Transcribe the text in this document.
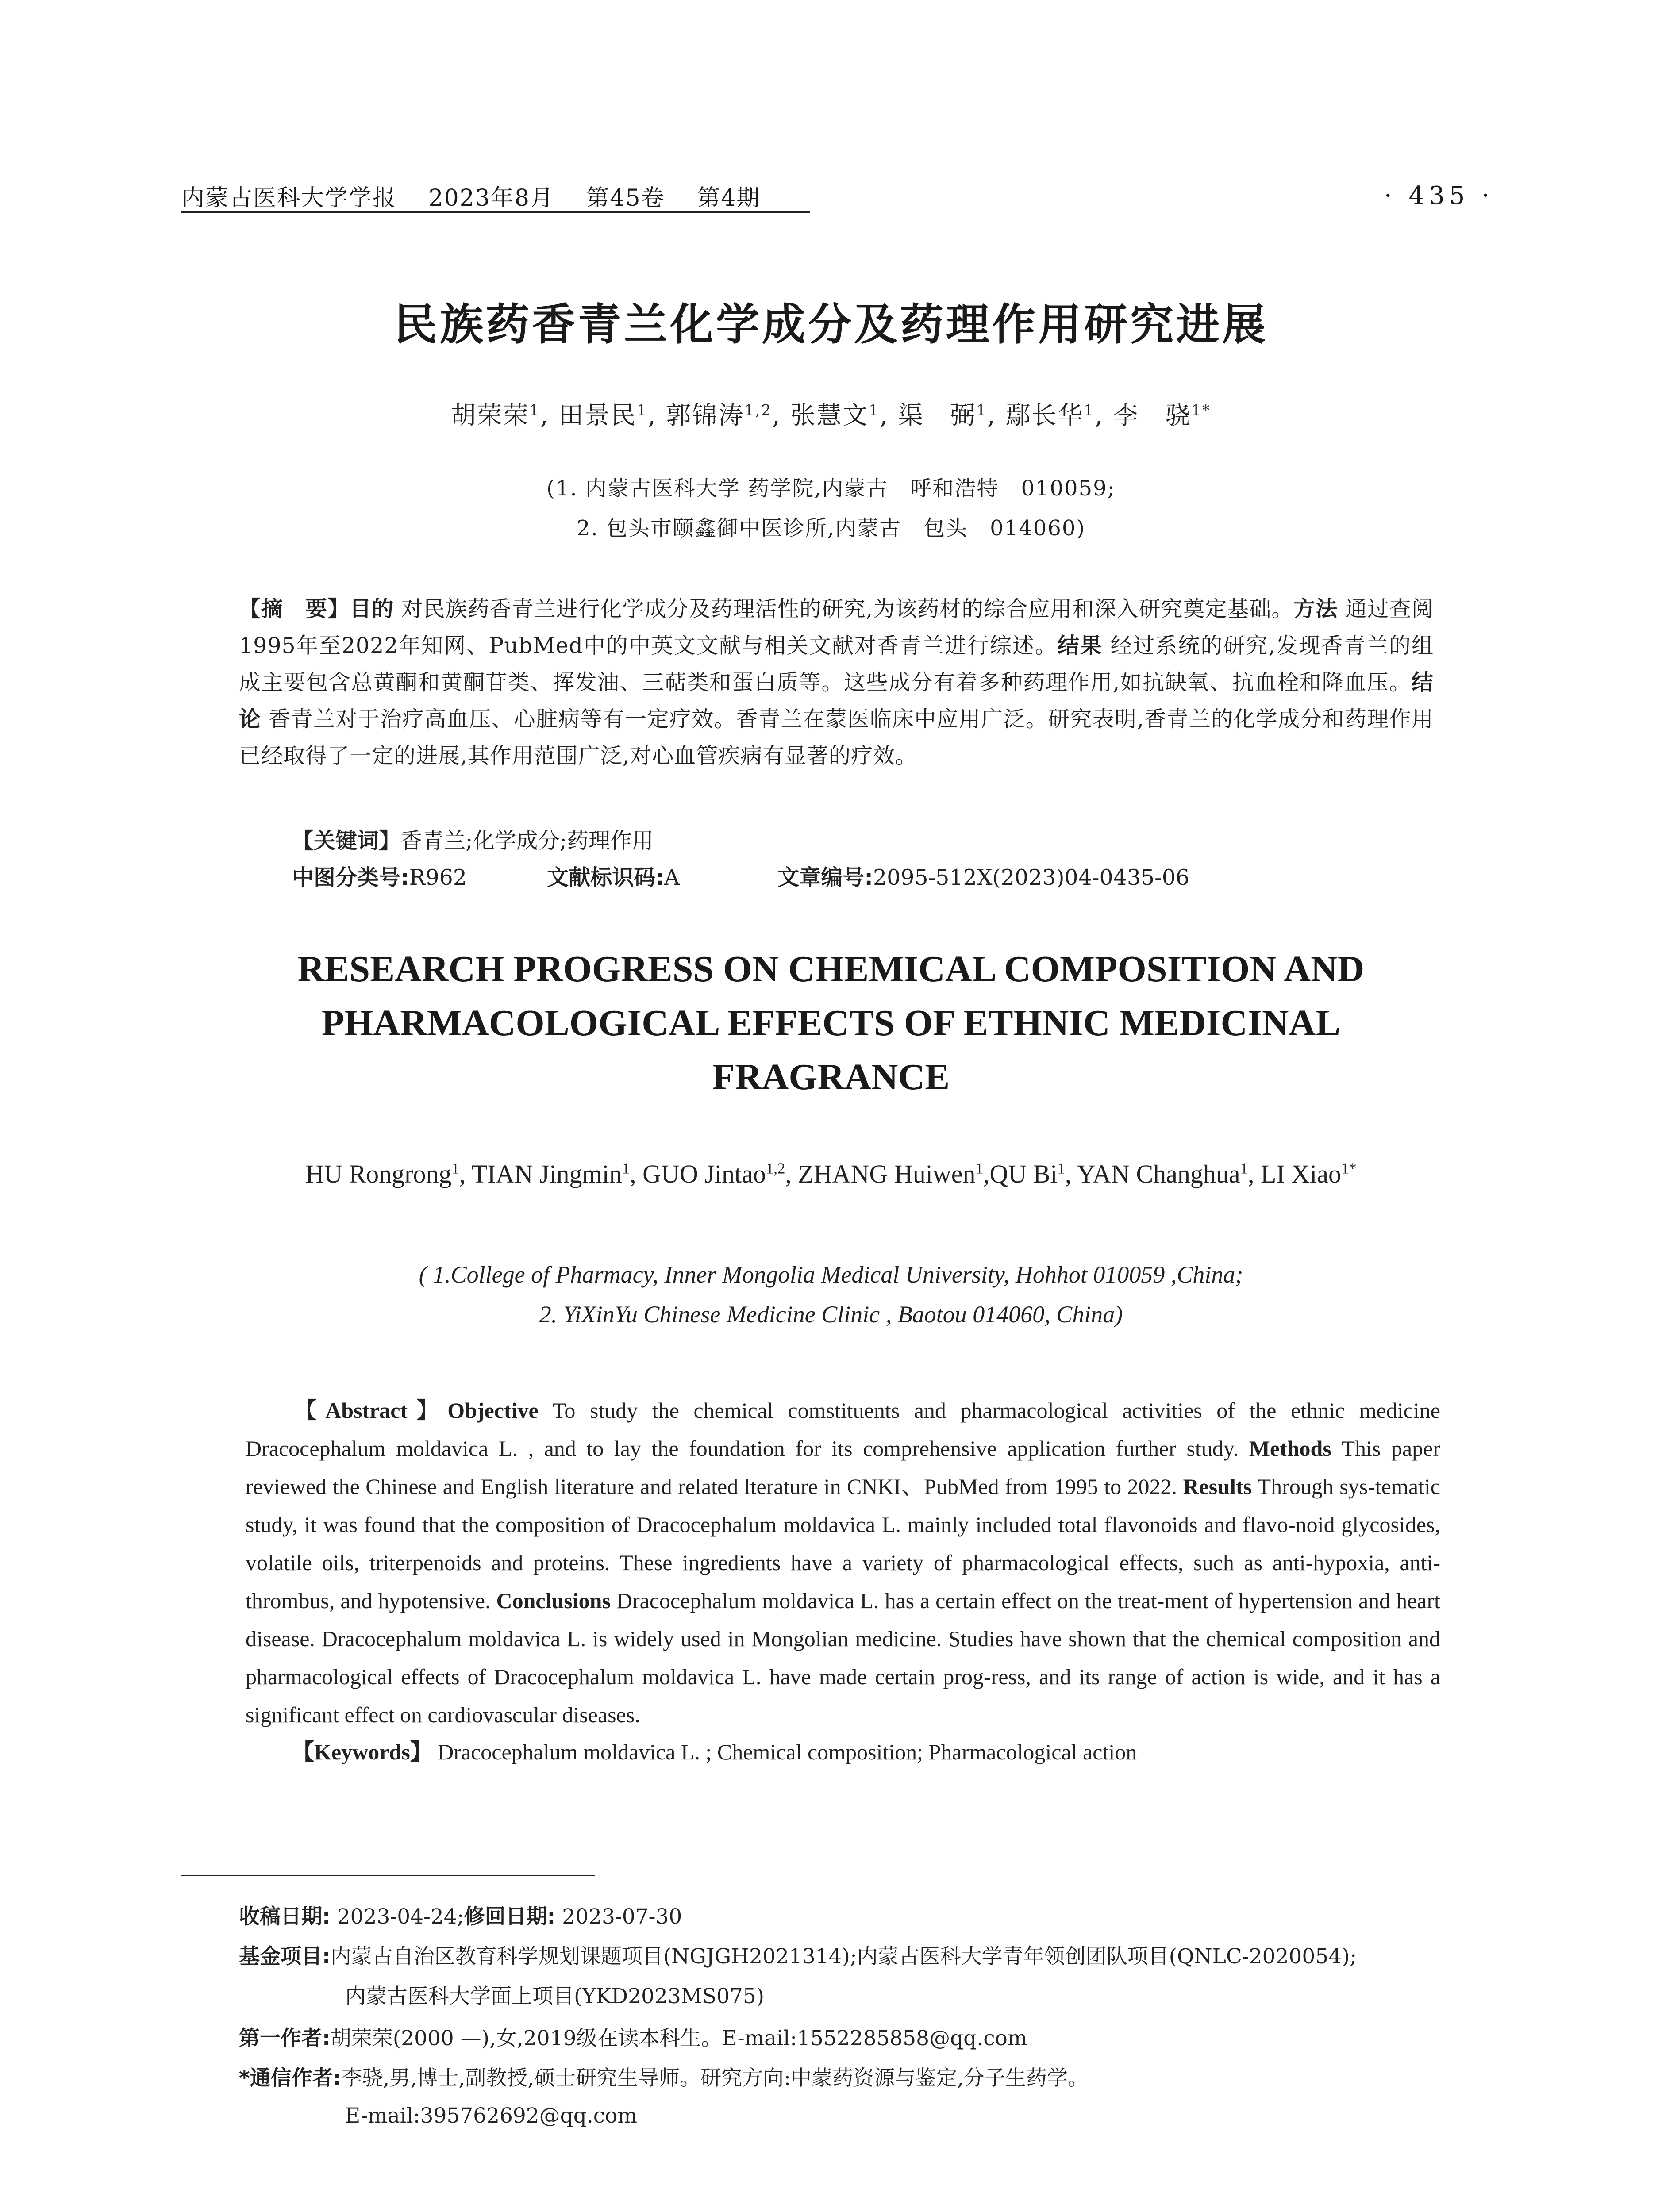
内蒙古医科大学学报　 2023年8月　 第45卷　 第4期	· 435 ·
民族药香青兰化学成分及药理作用研究进展
胡荣荣$^1$, 田景民$^1$, 郭锦涛$^{1,2}$, 张慧文$^1$, 渠　弼$^1$, 鄢长华$^1$, 李　骁$^{1*}$
(1. 内蒙古医科大学 药学院,内蒙古　呼和浩特　010059;
2. 包头市颐鑫御中医诊所,内蒙古　包头　014060)
【摘　要】目的 对民族药香青兰进行化学成分及药理活性的研究,为该药材的综合应用和深入研究奠定基础。方法 通过查阅1995年至2022年知网、PubMed中的中英文文献与相关文献对香青兰进行综述。结果 经过系统的研究,发现香青兰的组成主要包含总黄酮和黄酮苷类、挥发油、三萜类和蛋白质等。这些成分有着多种药理作用,如抗缺氧、抗血栓和降血压。结论 香青兰对于治疗高血压、心脏病等有一定疗效。香青兰在蒙医临床中应用广泛。研究表明,香青兰的化学成分和药理作用已经取得了一定的进展,其作用范围广泛,对心血管疾病有显著的疗效。
【关键词】香青兰;化学成分;药理作用
中图分类号:R962	文献标识码:A	文章编号:2095-512X(2023)04-0435-06
RESEARCH PROGRESS ON CHEMICAL COMPOSITION AND
PHARMACOLOGICAL EFFECTS OF ETHNIC MEDICINAL
FRAGRANCE
HU Rongrong$^1$, TIAN Jingmin$^1$, GUO Jintao$^{1,2}$, ZHANG Huiwen$^1$,QU Bi$^1$, YAN Changhua$^1$, LI Xiao$^{1*}$
( 1.College of Pharmacy, Inner Mongolia Medical University, Hohhot 010059 ,China;
2. YiXinYu Chinese Medicine Clinic , Baotou 014060, China)
【Abstract】Objective To study the chemical comstituents and pharmacological activities of the ethnic medicine Dracocephalum moldavica L. , and to lay the foundation for its comprehensive application further study. Methods This paper reviewed the Chinese and English literature and related lterature in CNKI、PubMed from 1995 to 2022. Results Through sys-tematic study, it was found that the composition of Dracocephalum moldavica L. mainly included total flavonoids and flavo-noid glycosides, volatile oils, triterpenoids and proteins. These ingredients have a variety of pharmacological effects, such as anti-hypoxia, anti-thrombus, and hypotensive. Conclusions Dracocephalum moldavica L. has a certain effect on the treat-ment of hypertension and heart disease. Dracocephalum moldavica L. is widely used in Mongolian medicine. Studies have shown that the chemical composition and pharmacological effects of Dracocephalum moldavica L. have made certain prog-ress, and its range of action is wide, and it has a significant effect on cardiovascular diseases.
【Keywords】 Dracocephalum moldavica L. ; Chemical composition; Pharmacological action
收稿日期: 2023-04-24;修回日期: 2023-07-30
基金项目:内蒙古自治区教育科学规划课题项目(NGJGH2021314);内蒙古医科大学青年领创团队项目(QNLC-2020054);
内蒙古医科大学面上项目(YKD2023MS075)
第一作者:胡荣荣(2000 —),女,2019级在读本科生。E-mail:1552285858@qq.com
*通信作者:李骁,男,博士,副教授,硕士研究生导师。研究方向:中蒙药资源与鉴定,分子生药学。
E-mail:395762692@qq.com
